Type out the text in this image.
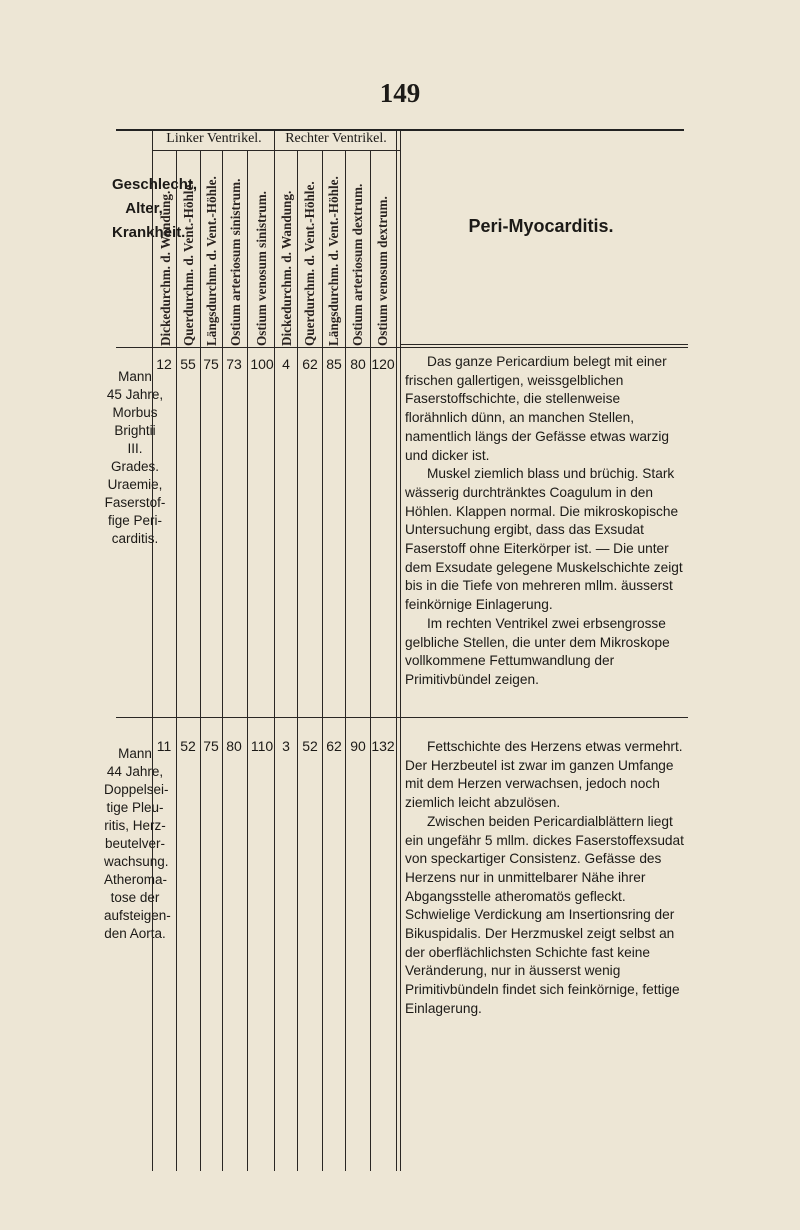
149
Linker Ventrikel.	Rechter Ventrikel.
Geschlecht,
Alter,
Krankheit.
Dickedurchm. d. Wandung. Querdurchm. d. Vent.-Höhle. Längsdurchm. d. Vent.-Höhle. Ostium arteriosum sinistrum. Ostium venosum sinistrum. Dickedurchm. d. Wandung. Querdurchm. d. Vent.-Höhle. Längsdurchm. d. Vent.-Höhle. Ostium arteriosum dextrum. Ostium venosum dextrum.	Peri-Myocarditis.
Mann
45 Jahre,
Morbus
Brightii
III. Grades.
Uraemie,
Faserstof-
fige Peri-
carditis.
12 55 75 73 100 4 62 85 80 120	Das ganze Pericardium belegt mit einer frischen gallertigen, weissgelblichen Faserstoffschichte, die stellenweise florähnlich dünn, an manchen Stellen, namentlich längs der Gefässe etwas warzig und dicker ist.

Muskel ziemlich blass und brüchig. Stark wässerig durchtränktes Coagulum in den Höhlen. Klappen normal. Die mikroskopische Untersuchung ergibt, dass das Exsudat Faserstoff ohne Eiterkörper ist. — Die unter dem Exsudate gelegene Muskelschichte zeigt bis in die Tiefe von mehreren mllm. äusserst feinkörnige Einlagerung.

Im rechten Ventrikel zwei erbsengrosse gelbliche Stellen, die unter dem Mikroskope vollkommene Fettumwandlung der Primitivbündel zeigen.

Mann
44 Jahre,
Doppelsei-
tige Pleu-
ritis, Herz-
beutelver-
wachsung.
Atheroma-
tose der
aufsteigen-
den Aorta.
11 52 75 80 110 3 52 62 90 132	Fettschichte des Herzens etwas vermehrt. Der Herzbeutel ist zwar im ganzen Umfange mit dem Herzen verwachsen, jedoch noch ziemlich leicht abzulösen.

Zwischen beiden Pericardialblättern liegt ein ungefähr 5 mllm. dickes Faserstoffexsudat von speckartiger Consistenz. Gefässe des Herzens nur in unmittelbarer Nähe ihrer Abgangsstelle atheromatös gefleckt. Schwielige Verdickung am Insertionsring der Bikuspidalis. Der Herzmuskel zeigt selbst an der oberflächlichsten Schichte fast keine Veränderung, nur in äusserst wenig Primitivbündeln findet sich feinkörnige, fettige Einlagerung.
